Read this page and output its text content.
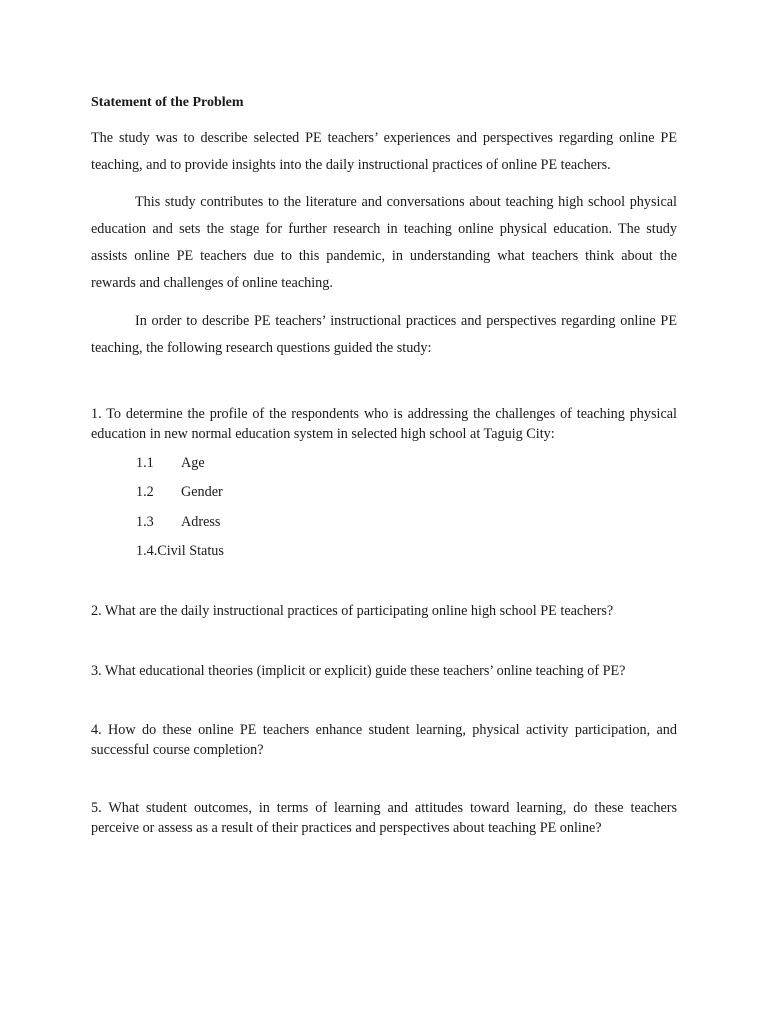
Statement of the Problem

The study was to describe selected PE teachers’ experiences and perspectives regarding online PE teaching, and to provide insights into the daily instructional practices of online PE teachers.

This study contributes to the literature and conversations about teaching high school physical education and sets the stage for further research in teaching online physical education. The study assists online PE teachers due to this pandemic, in understanding what teachers think about the rewards and challenges of online teaching.

In order to describe PE teachers’ instructional practices and perspectives regarding online PE teaching, the following research questions guided the study:

1. To determine the profile of the respondents who is addressing the challenges of teaching physical education in new normal education system in selected high school at Taguig City:

1.1 Age
1.2 Gender
1.3 Adress
1.4.Civil Status

2. What are the daily instructional practices of participating online high school PE teachers?

3. What educational theories (implicit or explicit) guide these teachers’ online teaching of PE?

4. How do these online PE teachers enhance student learning, physical activity participation, and successful course completion?

5. What student outcomes, in terms of learning and attitudes toward learning, do these teachers perceive or assess as a result of their practices and perspectives about teaching PE online?
